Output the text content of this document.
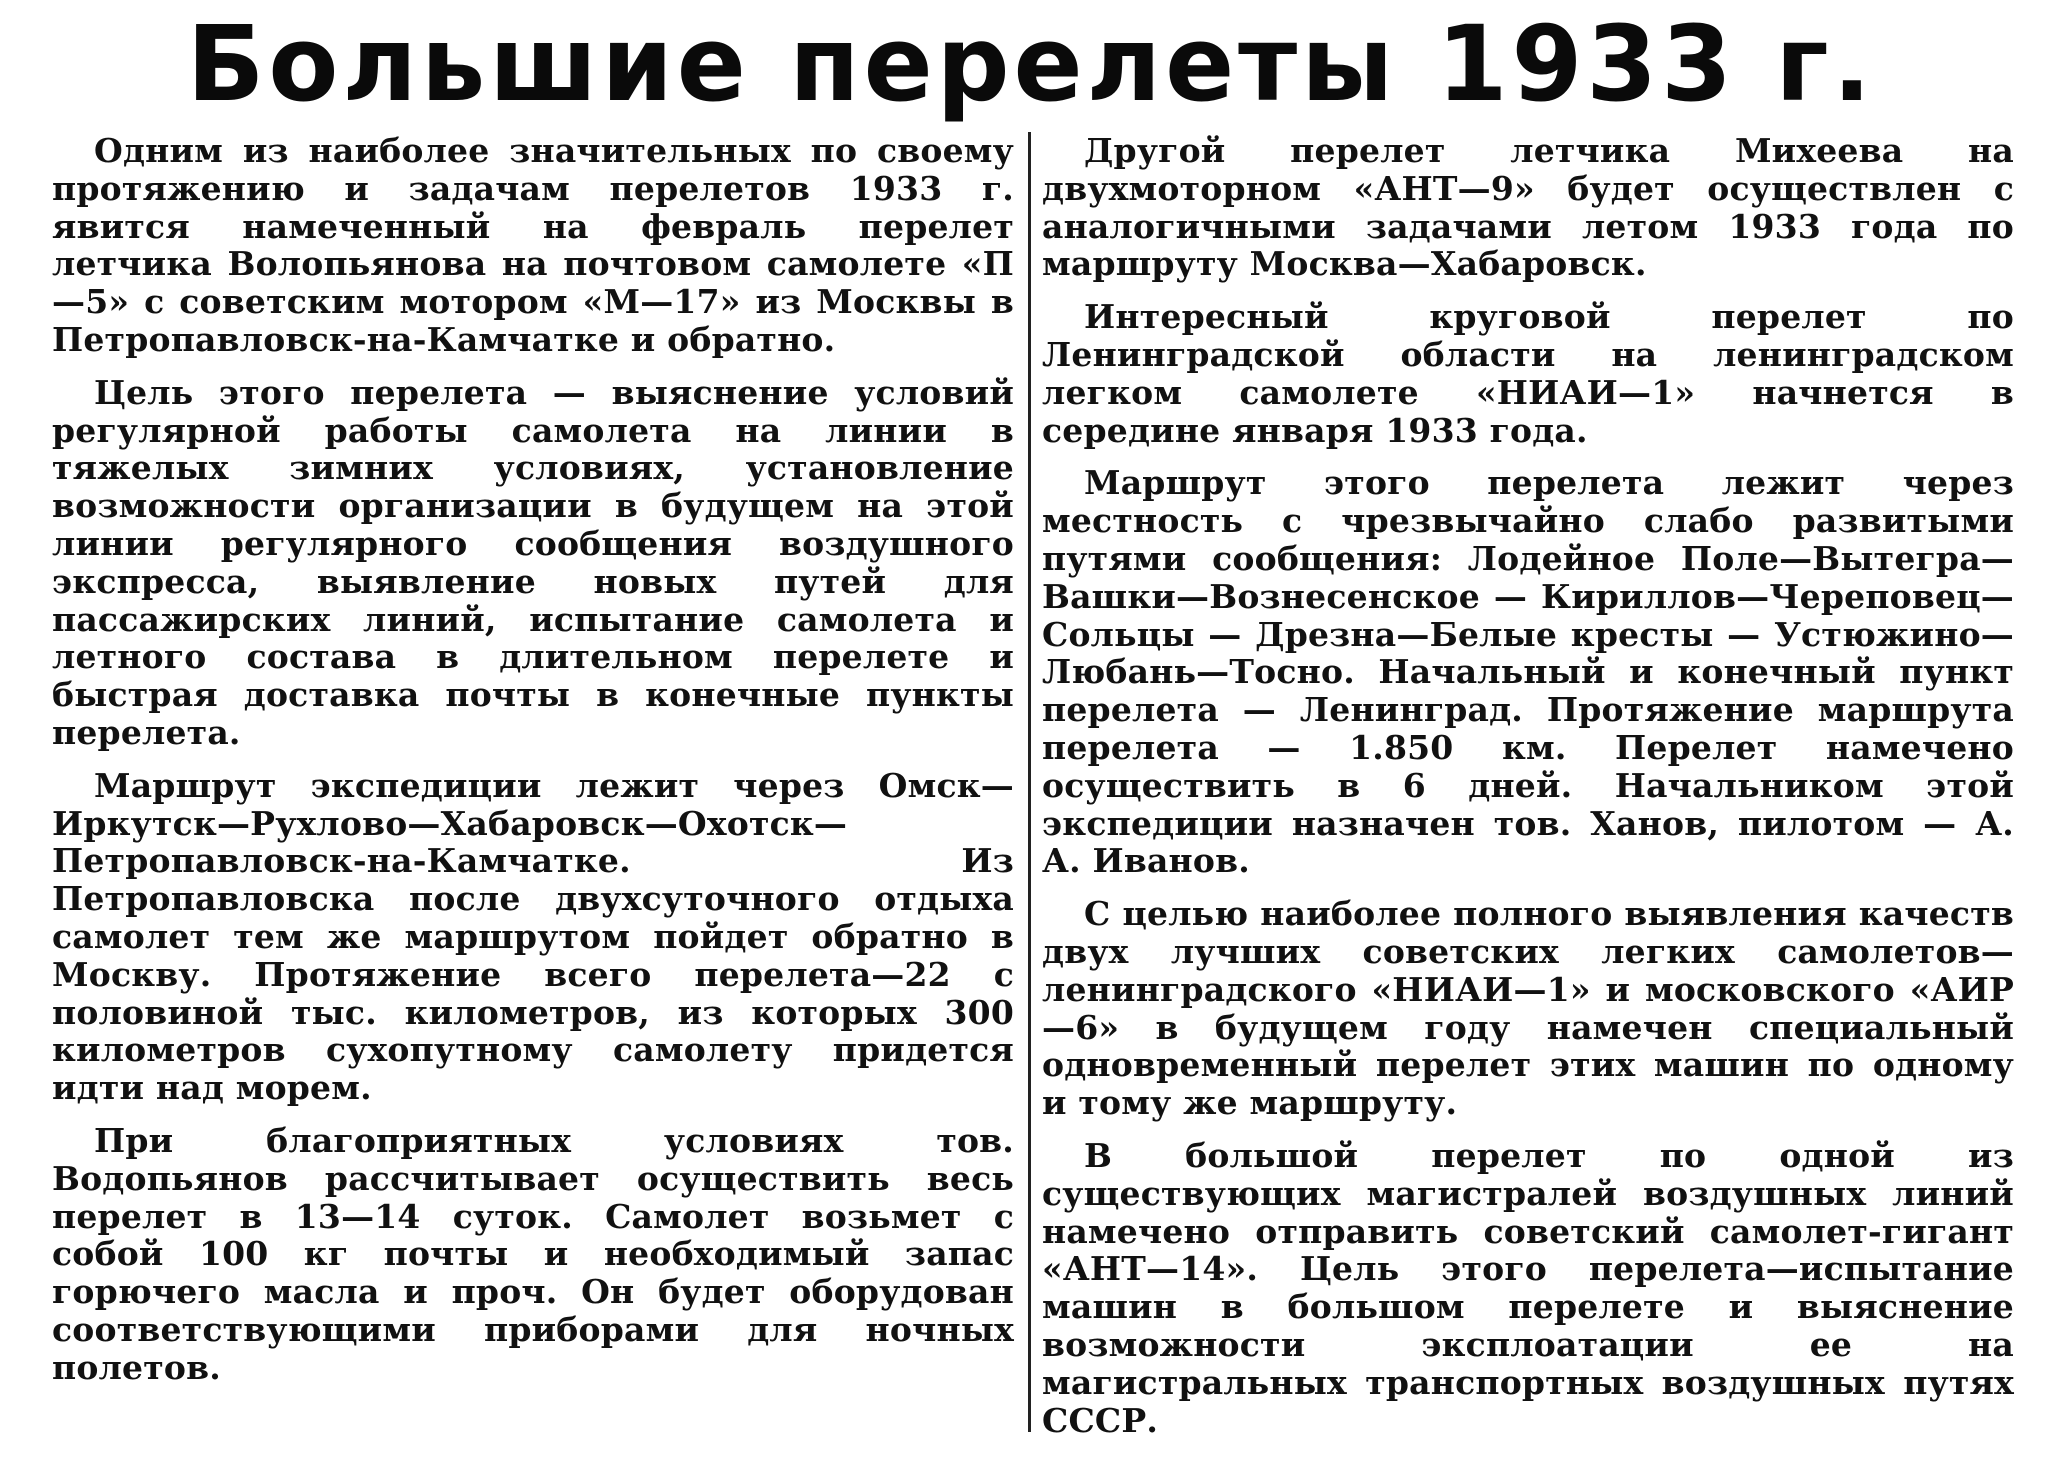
Большие перелеты 1933 г.

Одним из наиболее значительных по своему протяжению и задачам перелетов 1933 г. явится намеченный на февраль перелет летчика Волопьянова на почтовом самолете «П—5» с советским мотором «М—17» из Москвы в Петропавловск-на-Камчатке и обратно.

Цель этого перелета — выяснение условий регулярной работы самолета на линии в тяжелых зимних условиях, установление возможности организации в будущем на этой линии регулярного сообщения воздушного экспресса, выявление новых путей для пассажирских линий, испытание самолета и летного состава в длительном перелете и быстрая доставка почты в конечные пункты перелета.

Маршрут экспедиции лежит через Омск—Иркутск—Рухлово—Хабаровск—Охотск—Петропавловск-на-Камчатке. Из Петропавловска после двухсуточного отдыха самолет тем же маршрутом пойдет обратно в Москву. Протяжение всего перелета—22 с половиной тыс. километров, из которых 300 километров сухопутному самолету придется идти над морем.

При благоприятных условиях тов. Водопьянов рассчитывает осуществить весь перелет в 13—14 суток. Самолет возьмет с собой 100 кг почты и необходимый запас горючего масла и проч. Он будет оборудован соответствующими приборами для ночных полетов.

Другой перелет летчика Михеева на двухмоторном «АНТ—9» будет осуществлен с аналогичными задачами летом 1933 года по маршруту Москва—Хабаровск.

Интересный круговой перелет по Ленинградской области на ленинградском легком самолете «НИАИ—1» начнется в середине января 1933 года.

Маршрут этого перелета лежит через местность с чрезвычайно слабо развитыми путями сообщения: Лодейное Поле—Вытегра—Вашки—Вознесенское — Кириллов—Череповец—Сольцы — Дрезна—Белые кресты — Устюжино—Любань—Тосно. Начальный и конечный пункт перелета — Ленинград. Протяжение маршрута перелета — 1.850 км. Перелет намечено осуществить в 6 дней. Начальником этой экспедиции назначен тов. Ханов, пилотом — А. А. Иванов.

С целью наиболее полного выявления качеств двух лучших советских легких самолетов—ленинградского «НИАИ—1» и московского «АИР—6» в будущем году намечен специальный одновременный перелет этих машин по одному и тому же маршруту.

В большой перелет по одной из существующих магистралей воздушных линий намечено отправить советский самолет-гигант «АНТ—14». Цель этого перелета—испытание машин в большом перелете и выяснение возможности эксплоатации ее на магистральных транспортных воздушных путях СССР.
